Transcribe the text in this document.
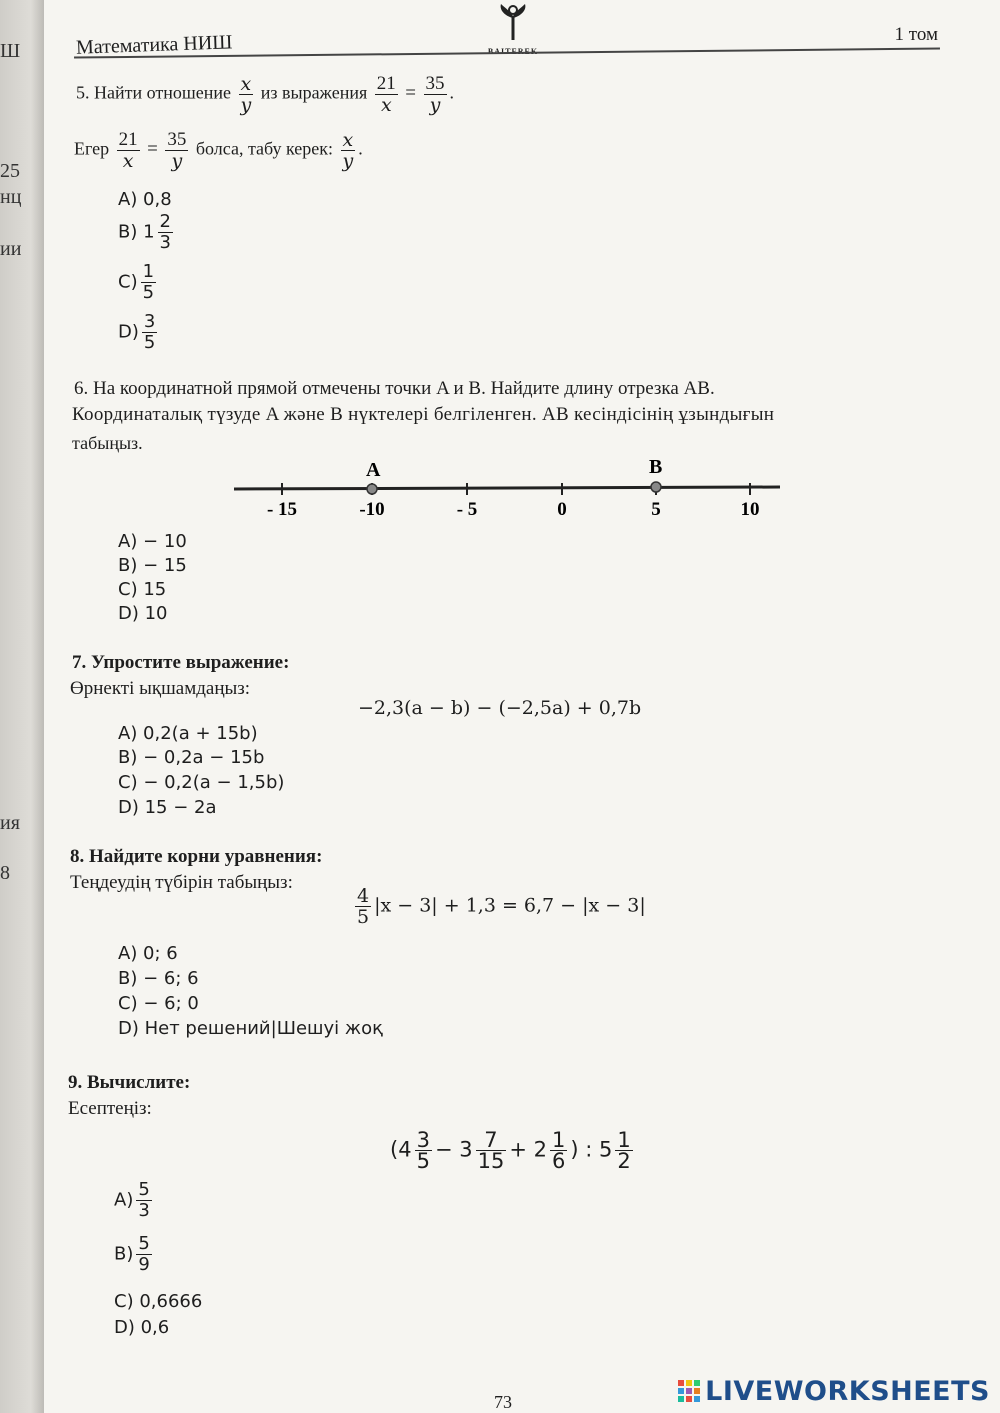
Ш
25
нц
ии
ия
8
Математика НИШ	1 том
5. Найти отношение $\frac{x}{y}$ из выражения $\frac{21}{x} = \frac{35}{y}$ .
Егер $\frac{21}{x} = \frac{35}{y}$ болса, табу керек: $\frac{x}{y}$ .
A) 0,8
B) $1 \frac{2}{3}$
$C) \frac{1}{5}$
$D) \frac{3}{5}$
6. На координатной прямой отмечены точки A и B. Найдите длину отрезка AB.
Координаталық түзуде A және B нүктелері белгіленген. AB кесіндісінің ұзындығын
табыңыз.
A	B
- 15	-10	- 5	0	5	10
A) − 10
B) − 15
C) 15
D) 10
7. Упростите выражение:
Өрнекті ықшамдаңыз:
−2,3(a − b) − (−2,5a) + 0,7b
A) 0,2(a + 15b)
B) − 0,2a − 15b
C) − 0,2(a − 1,5b)
D) 15 − 2a
8. Найдите корни уравнения:
Теңдеудің түбірін табыңыз:
$\frac{4}{5} |x - 3| + 1,3 = 6,7 - |x - 3|$
A) 0; 6
B) − 6; 6
C) − 6; 0
D) Нет решений|Шешуі жоқ
9. Вычислите:
Есептеңіз:
($4 \frac{3}{5} - 3 \frac{7}{15} + 2 \frac{1}{6}$ ) : $5 \frac{1}{2}$
$A) \frac{5}{3}$
$B) \frac{5}{9}$
C) 0,6666
D) 0,6
73	LIVEWORKSHEETS
